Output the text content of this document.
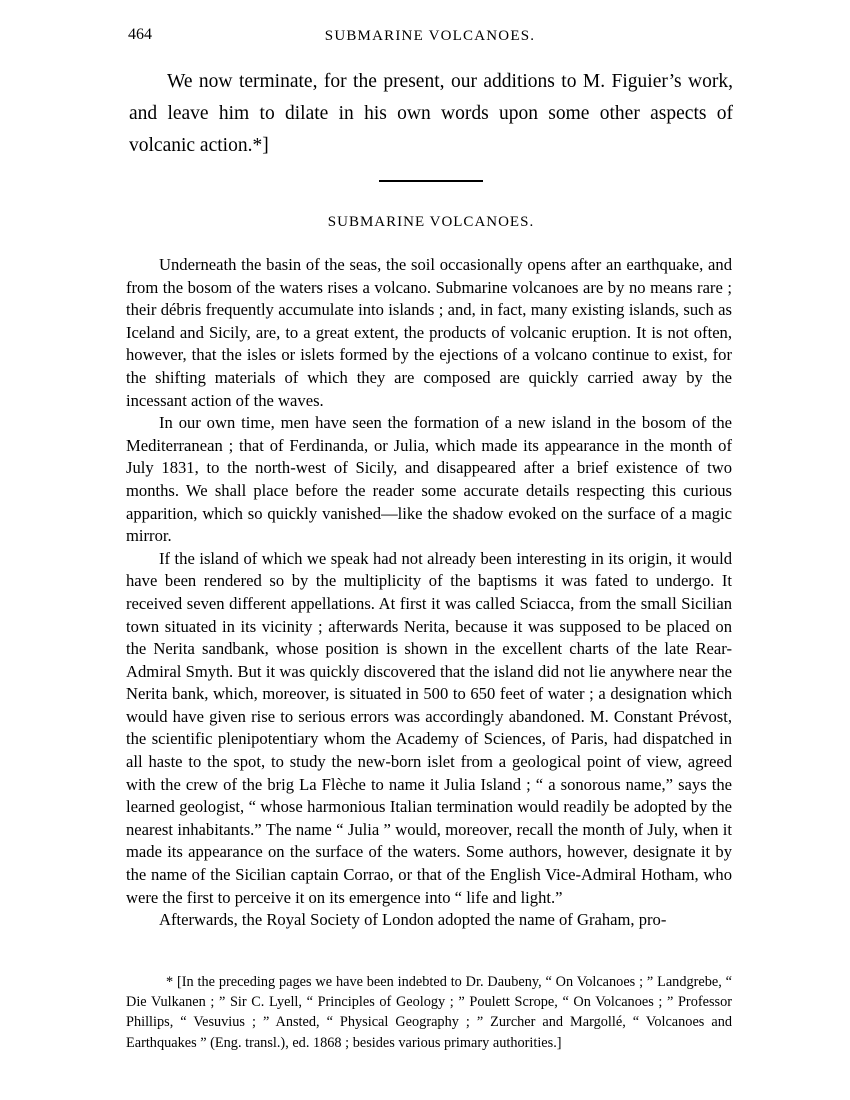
464	SUBMARINE VOLCANOES.

We now terminate, for the present, our additions to M. Figuier’s work, and leave him to dilate in his own words upon some other aspects of volcanic action.*]

SUBMARINE VOLCANOES.

Underneath the basin of the seas, the soil occasionally opens after an earthquake, and from the bosom of the waters rises a volcano. Submarine volcanoes are by no means rare ; their débris frequently accumulate into islands ; and, in fact, many existing islands, such as Iceland and Sicily, are, to a great extent, the products of volcanic eruption. It is not often, however, that the isles or islets formed by the ejections of a volcano continue to exist, for the shifting materials of which they are composed are quickly carried away by the incessant action of the waves.

In our own time, men have seen the formation of a new island in the bosom of the Mediterranean ; that of Ferdinanda, or Julia, which made its appearance in the month of July 1831, to the north-west of Sicily, and disappeared after a brief existence of two months. We shall place before the reader some accurate details respecting this curious apparition, which so quickly vanished—like the shadow evoked on the surface of a magic mirror.

If the island of which we speak had not already been interesting in its origin, it would have been rendered so by the multiplicity of the baptisms it was fated to undergo. It received seven different appellations. At first it was called Sciacca, from the small Sicilian town situated in its vicinity ; afterwards Nerita, because it was supposed to be placed on the Nerita sandbank, whose position is shown in the excellent charts of the late Rear-Admiral Smyth. But it was quickly discovered that the island did not lie anywhere near the Nerita bank, which, moreover, is situated in 500 to 650 feet of water ; a designation which would have given rise to serious errors was accordingly abandoned. M. Constant Prévost, the scientific plenipotentiary whom the Academy of Sciences, of Paris, had dispatched in all haste to the spot, to study the new-born islet from a geological point of view, agreed with the crew of the brig La Flèche to name it Julia Island ; “ a sonorous name,” says the learned geologist, “ whose harmonious Italian termination would readily be adopted by the nearest inhabitants.” The name “ Julia ” would, moreover, recall the month of July, when it made its appearance on the surface of the waters. Some authors, however, designate it by the name of the Sicilian captain Corrao, or that of the English Vice-Admiral Hotham, who were the first to perceive it on its emergence into “ life and light.”

Afterwards, the Royal Society of London adopted the name of Graham, pro-

* [In the preceding pages we have been indebted to Dr. Daubeny, “ On Volcanoes ; ” Landgrebe, “ Die Vulkanen ; ” Sir C. Lyell, “ Principles of Geology ; ” Poulett Scrope, “ On Volcanoes ; ” Professor Phillips, “ Vesuvius ; ” Ansted, “ Physical Geography ; ” Zurcher and Margollé, “ Volcanoes and Earthquakes ” (Eng. transl.), ed. 1868 ; besides various primary authorities.]
